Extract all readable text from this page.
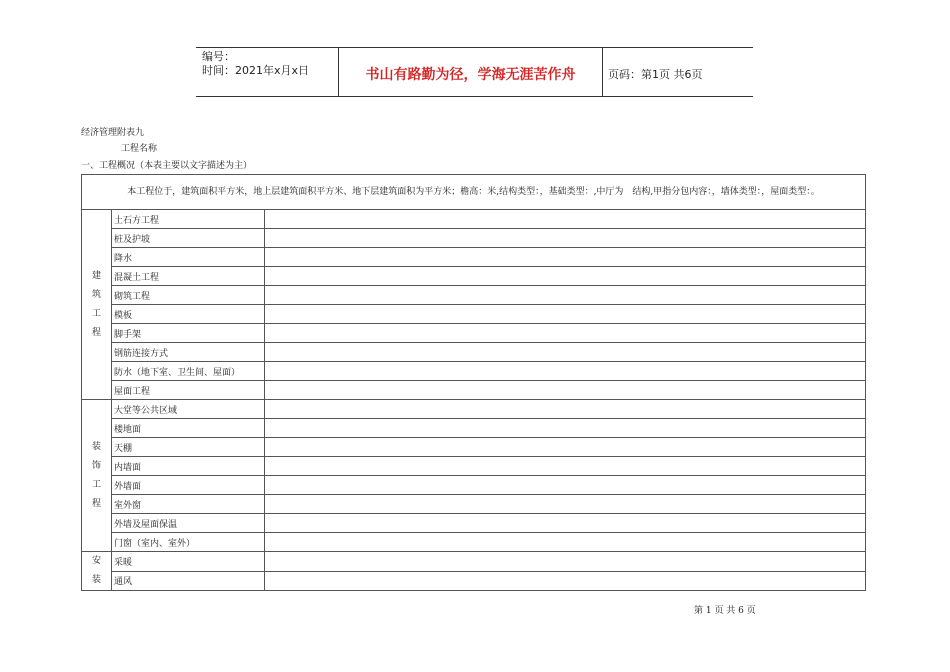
编号：
时间：2021年x月x日	书山有路勤为径，学海无涯苦作舟	页码：第1页 共6页
经济管理附表九
工程名称
一、工程概况（本表主要以文字描述为主）
本工程位于，建筑面积平方米，地上层建筑面积平方米、地下层建筑面积为平方米；檐高：米,结构类型：，基础类型：,中厅为　结构,甲指分包内容：，墙体类型：，屋面类型：。		

建
筑
工
程	土石方工程	
	桩及护坡	
	降水	
	混凝土工程	
	砌筑工程	
	模板	
	脚手架	
	钢筋连接方式	
	防水（地下室、卫生间、屋面）	
	屋面工程	

装
饰
工
程	大堂等公共区域	
	楼地面	
	天棚	
	内墙面	
	外墙面	
	室外窗	
	外墙及屋面保温	
	门窗（室内、室外）	

安
装	采暖	
	通风	
第 1 页 共 6 页
